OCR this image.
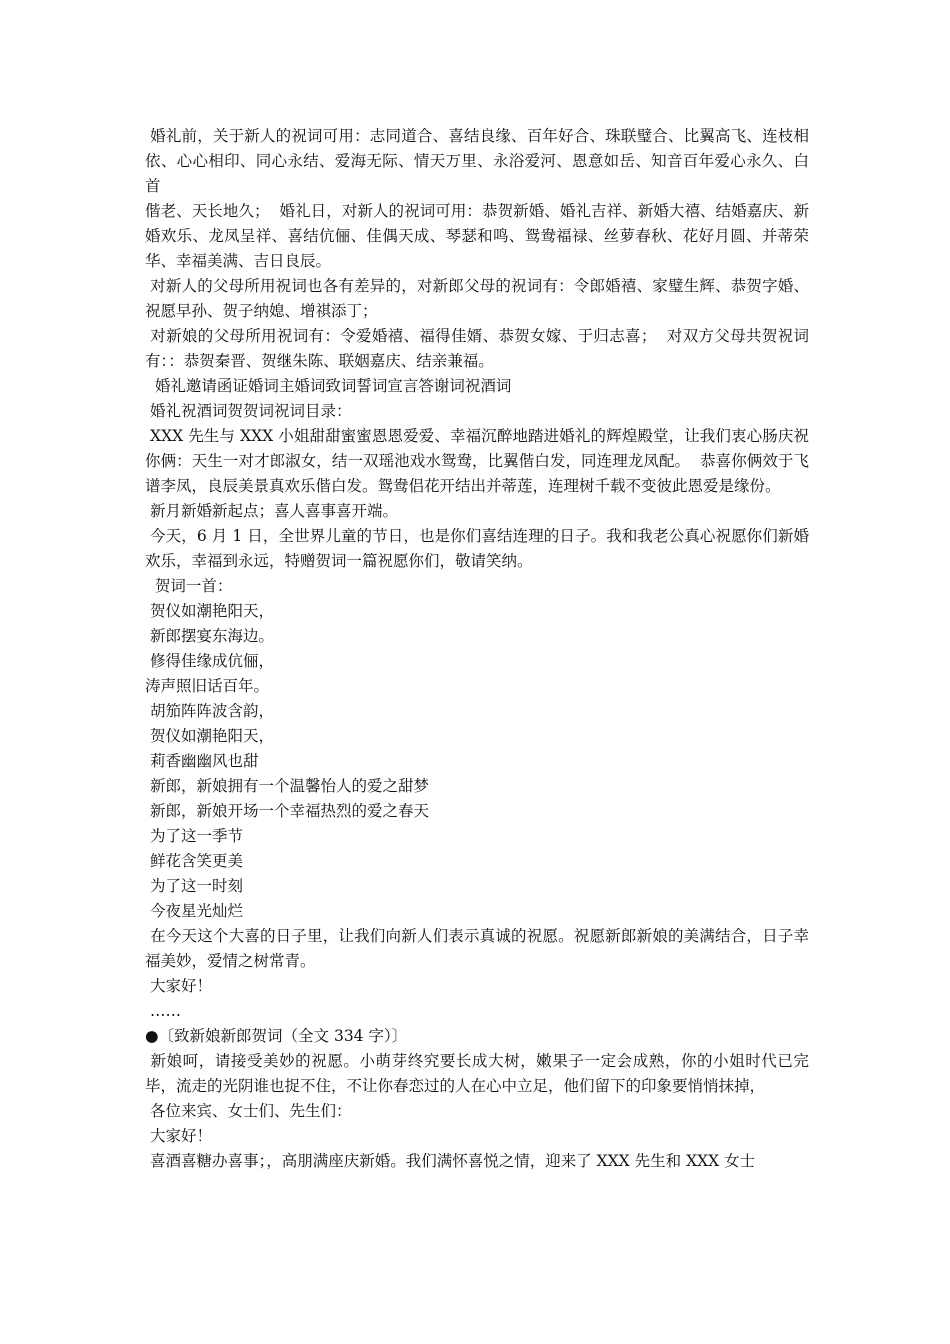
婚礼前，关于新人的祝词可用：志同道合、喜结良缘、百年好合、珠联璧合、比翼高飞、连枝相依、心心相印、同心永结、爱海无际、情天万里、永浴爱河、恩意如岳、知音百年爱心永久、白首

偕老、天长地久；  婚礼日，对新人的祝词可用：恭贺新婚、婚礼吉祥、新婚大禧、结婚嘉庆、新婚欢乐、龙凤呈祥、喜结伉俪、佳偶天成、琴瑟和鸣、鸳鸯福禄、丝萝春秋、花好月圆、并蒂荣华、幸福美满、吉日良辰。

对新人的父母所用祝词也各有差异的，对新郎父母的祝词有：令郎婚禧、家璧生辉、恭贺字婚、祝愿早孙、贺子纳媳、增祺添丁；

对新娘的父母所用祝词有：令爱婚禧、福得佳婿、恭贺女嫁、于归志喜；  对双方父母共贺祝词有：：恭贺秦晋、贺继朱陈、联姻嘉庆、结亲兼福。

婚礼邀请函证婚词主婚词致词誓词宣言答谢词祝酒词

婚礼祝酒词贺贺词祝词目录：

XXX 先生与 XXX 小姐甜甜蜜蜜恩恩爱爱、幸福沉醉地踏进婚礼的辉煌殿堂，让我们衷心肠庆祝你俩：天生一对才郎淑女，结一双瑶池戏水鸳鸯，比翼偕白发，同连理龙凤配。  恭喜你俩效于飞谱李凤，良辰美景真欢乐偕白发。鸳鸯侣花开结出并蒂莲，连理树千载不变彼此恩爱是缘份。

新月新婚新起点；喜人喜事喜开端。

今天，6 月 1 日，全世界儿童的节日，也是你们喜结连理的日子。我和我老公真心祝愿你们新婚欢乐，幸福到永远，特赠贺词一篇祝愿你们，敬请笑纳。

贺词一首：

贺仪如潮艳阳天，

新郎摆宴东海边。

修得佳缘成伉俪，

涛声照旧话百年。

胡笳阵阵波含韵，

贺仪如潮艳阳天，

莉香幽幽风也甜

新郎，新娘拥有一个温馨怡人的爱之甜梦

新郎，新娘开场一个幸福热烈的爱之春天

为了这一季节

鲜花含笑更美

为了这一时刻

今夜星光灿烂

在今天这个大喜的日子里，让我们向新人们表示真诚的祝愿。祝愿新郎新娘的美满结合，日子幸福美妙，爱情之树常青。

大家好！

……

●〔致新娘新郎贺词（全文 334 字）〕

新娘呵，请接受美妙的祝愿。小萌芽终究要长成大树，嫩果子一定会成熟，你的小姐时代已完毕，流走的光阴谁也捉不住，不让你春恋过的人在心中立足，他们留下的印象要悄悄抹掉，

各位来宾、女士们、先生们：

大家好！

喜酒喜糖办喜事；，高朋满座庆新婚。我们满怀喜悦之情，迎来了 XXX 先生和 XXX 女士
